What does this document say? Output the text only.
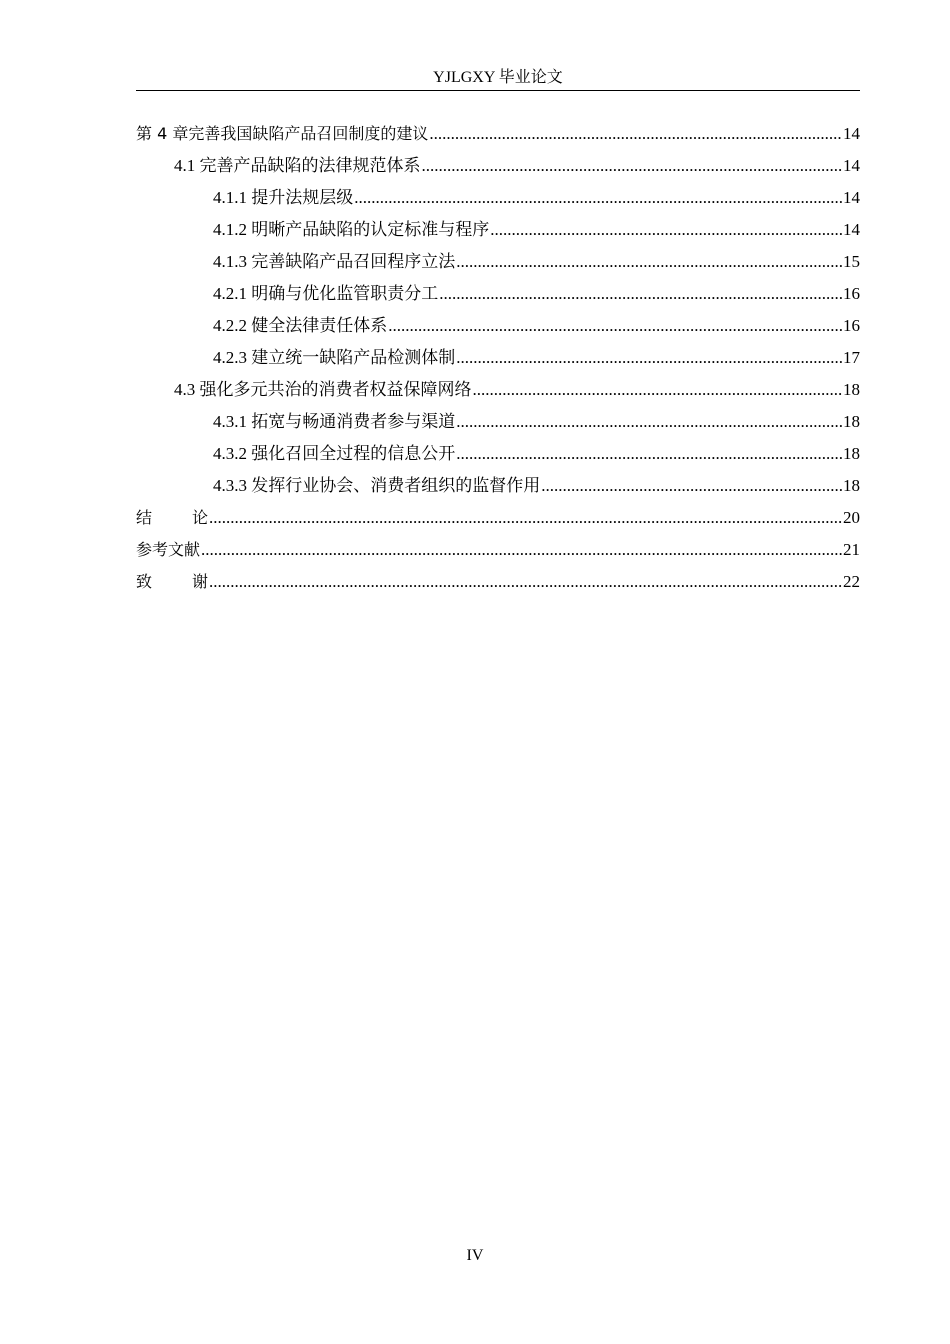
YJLGXY 毕业论文
第 4 章完善我国缺陷产品召回制度的建议 .....	14
4.1 完善产品缺陷的法律规范体系 .....	14
4.1.1 提升法规层级 .....	14
4.1.2 明晰产品缺陷的认定标准与程序 .....	14
4.1.3 完善缺陷产品召回程序立法 .....	15
4.2.1 明确与优化监管职责分工 .....	16
4.2.2 健全法律责任体系 .....	16
4.2.3 建立统一缺陷产品检测体制 .....	17
4.3 强化多元共治的消费者权益保障网络 .....	18
4.3.1 拓宽与畅通消费者参与渠道 .....	18
4.3.2 强化召回全过程的信息公开 .....	18
4.3.3 发挥行业协会、消费者组织的监督作用 .....	18
结	论 .....	20
参考文献 .....	21
致	谢 .....	22
IV
